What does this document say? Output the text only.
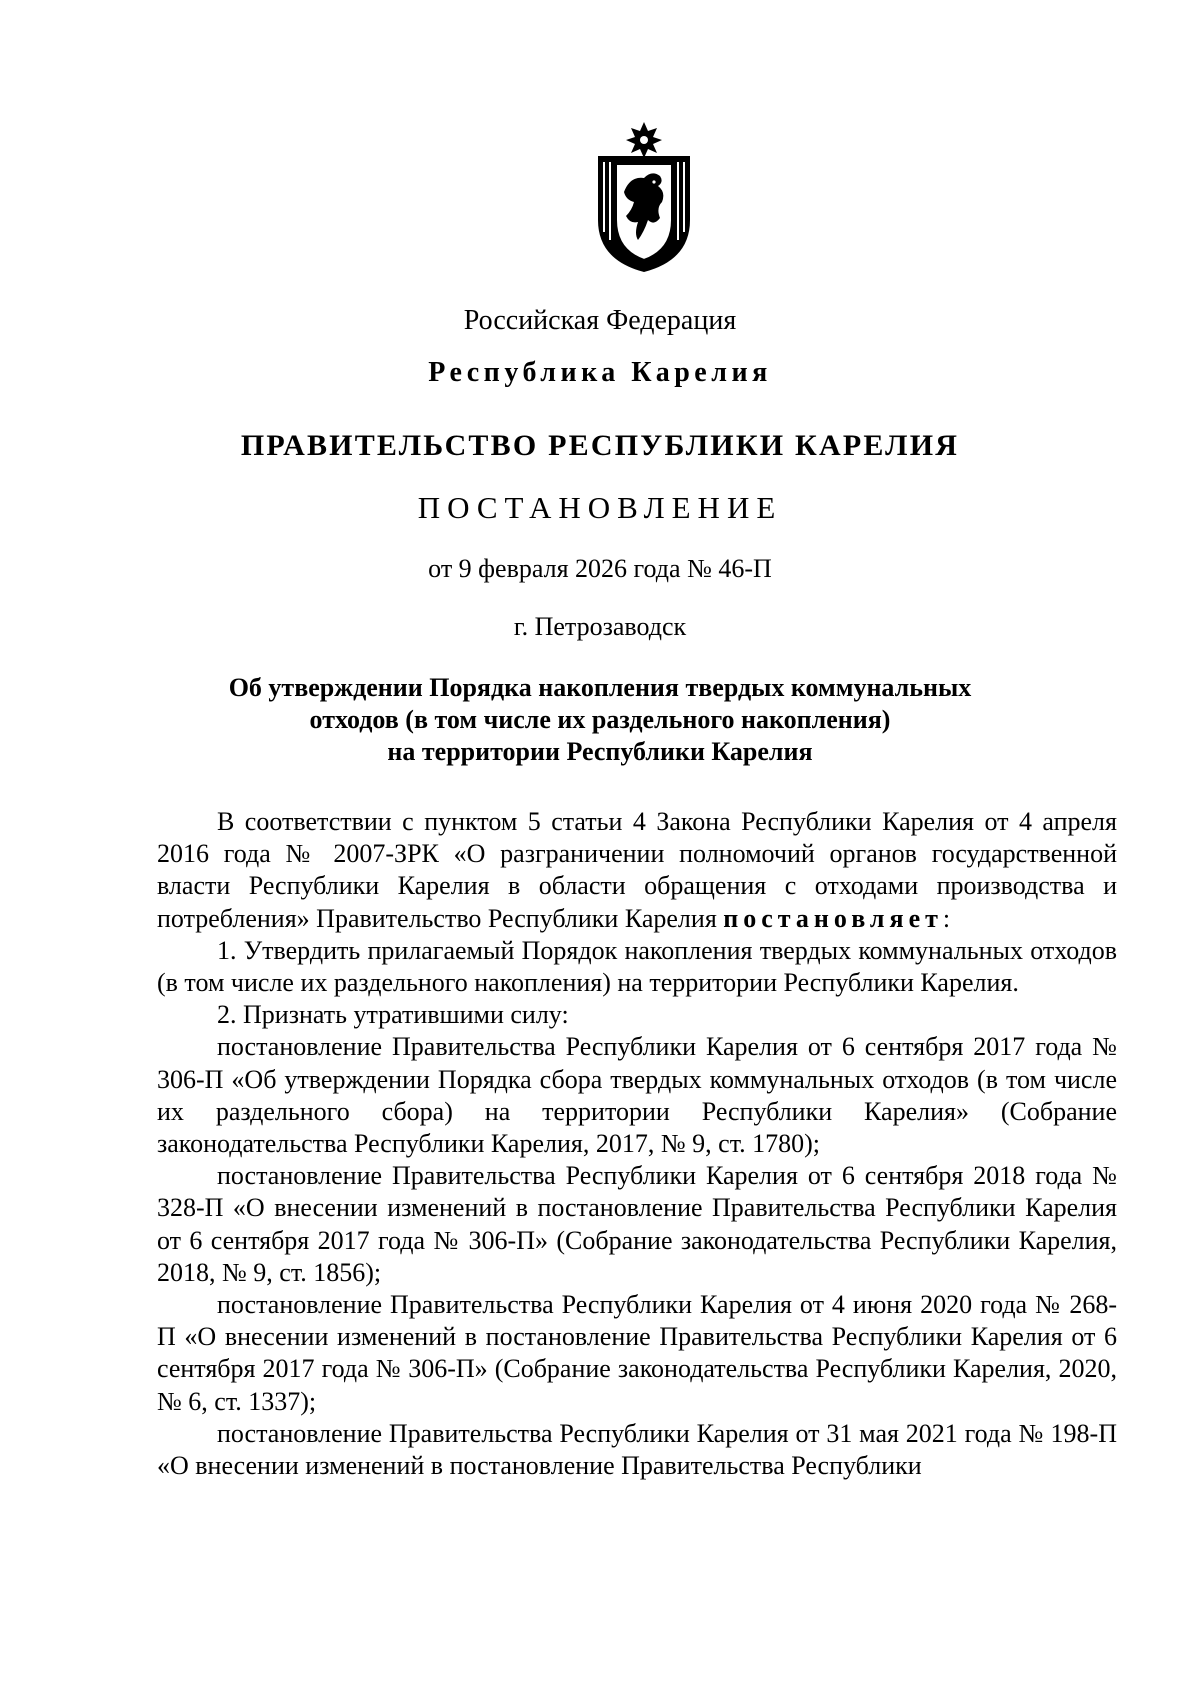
Российская Федерация
Республика Карелия
ПРАВИТЕЛЬСТВО РЕСПУБЛИКИ КАРЕЛИЯ
ПОСТАНОВЛЕНИЕ
от 9 февраля 2026 года № 46-П
г. Петрозаводск
Об утверждении Порядка накопления твердых коммунальных
отходов (в том числе их раздельного накопления)
на территории Республики Карелия

В соответствии с пунктом 5 статьи 4 Закона Республики Карелия от 4 апреля 2016 года № 2007-ЗРК «О разграничении полномочий органов государственной власти Республики Карелия в области обращения с отходами производства и потребления» Правительство Республики Карелия постановляет:

1. Утвердить прилагаемый Порядок накопления твердых коммунальных отходов (в том числе их раздельного накопления) на территории Республики Карелия.

2. Признать утратившими силу:

постановление Правительства Республики Карелия от 6 сентября 2017 года № 306-П «Об утверждении Порядка сбора твердых коммунальных отходов (в том числе их раздельного сбора) на территории Республики Карелия» (Собрание законодательства Республики Карелия, 2017, № 9, ст. 1780);

постановление Правительства Республики Карелия от 6 сентября 2018 года № 328-П «О внесении изменений в постановление Правительства Республики Карелия от 6 сентября 2017 года № 306-П» (Собрание законодательства Республики Карелия, 2018, № 9, ст. 1856);

постановление Правительства Республики Карелия от 4 июня 2020 года № 268-П «О внесении изменений в постановление Правительства Республики Карелия от 6 сентября 2017 года № 306-П» (Собрание законодательства Республики Карелия, 2020, № 6, ст. 1337);

постановление Правительства Республики Карелия от 31 мая 2021 года № 198-П «О внесении изменений в постановление Правительства Республики
